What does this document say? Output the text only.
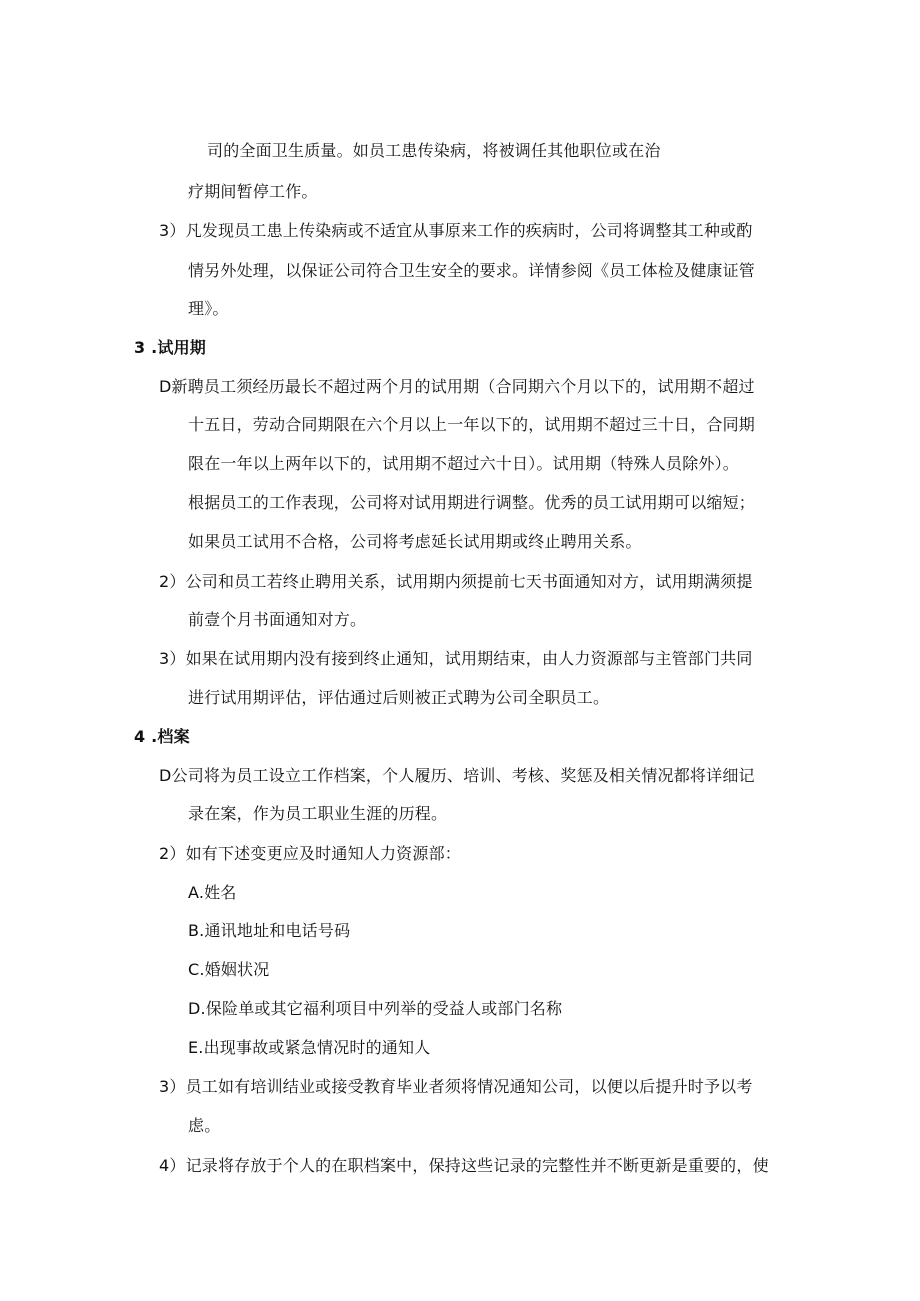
司的全面卫生质量。如员工患传染病，将被调任其他职位或在治
疗期间暂停工作。
3）凡发现员工患上传染病或不适宜从事原来工作的疾病时，公司将调整其工种或酌
情另外处理，以保证公司符合卫生安全的要求。详情参阅《员工体检及健康证管
理》。
3 .试用期
D新聘员工须经历最长不超过两个月的试用期（合同期六个月以下的，试用期不超过
十五日，劳动合同期限在六个月以上一年以下的，试用期不超过三十日，合同期
限在一年以上两年以下的，试用期不超过六十日）。试用期（特殊人员除外）。
根据员工的工作表现，公司将对试用期进行调整。优秀的员工试用期可以缩短；
如果员工试用不合格，公司将考虑延长试用期或终止聘用关系。
2）公司和员工若终止聘用关系，试用期内须提前七天书面通知对方，试用期满须提
前壹个月书面通知对方。
3）如果在试用期内没有接到终止通知，试用期结束，由人力资源部与主管部门共同
进行试用期评估，评估通过后则被正式聘为公司全职员工。
4 .档案
D公司将为员工设立工作档案，个人履历、培训、考核、奖惩及相关情况都将详细记
录在案，作为员工职业生涯的历程。
2）如有下述变更应及时通知人力资源部：
A.姓名
B.通讯地址和电话号码
C.婚姻状况
D.保险单或其它福利项目中列举的受益人或部门名称
E.出现事故或紧急情况时的通知人
3）员工如有培训结业或接受教育毕业者须将情况通知公司，以便以后提升时予以考
虑。
4）记录将存放于个人的在职档案中，保持这些记录的完整性并不断更新是重要的，使
